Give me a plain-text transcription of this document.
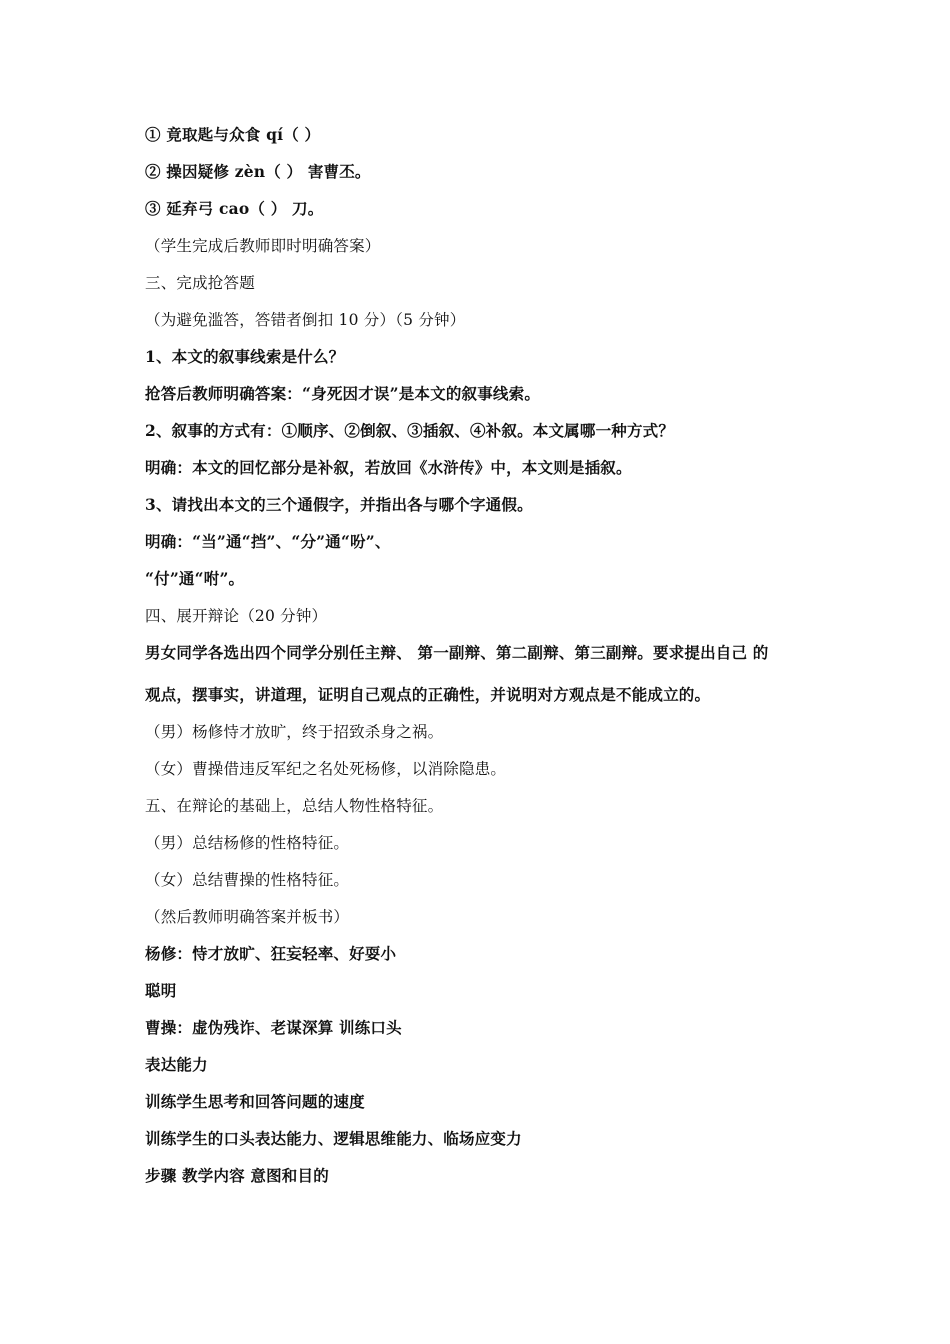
① 竟取匙与众食 qí（ ）
② 操因疑修 zèn（ ） 害曹丕。
③ 延弃弓 cao（ ） 刀。
（学生完成后教师即时明确答案）
三、完成抢答题
（为避免滥答，答错者倒扣 10 分）（5 分钟）
1、本文的叙事线索是什么？
抢答后教师明确答案：“身死因才误”是本文的叙事线索。
2、叙事的方式有：①顺序、②倒叙、③插叙、④补叙。本文属哪一种方式？
明确：本文的回忆部分是补叙，若放回《水浒传》中，本文则是插叙。
3、请找出本文的三个通假字，并指出各与哪个字通假。
明确：“当”通“挡”、“分”通“吩”、
“付”通“咐”。
四、展开辩论（20 分钟）
男女同学各选出四个同学分别任主辩、 第一副辩、第二副辩、第三副辩。要求提出自己 的
观点，摆事实，讲道理，证明自己观点的正确性，并说明对方观点是不能成立的。
（男）杨修恃才放旷，终于招致杀身之祸。
（女）曹操借违反军纪之名处死杨修，以消除隐患。
五、在辩论的基础上，总结人物性格特征。
（男）总结杨修的性格特征。
（女）总结曹操的性格特征。
（然后教师明确答案并板书）
杨修：恃才放旷、狂妄轻率、好耍小
聪明
曹操：虚伪残诈、老谋深算 训练口头
表达能力
训练学生思考和回答问题的速度
训练学生的口头表达能力、逻辑思维能力、临场应变力
步骤 教学内容 意图和目的
